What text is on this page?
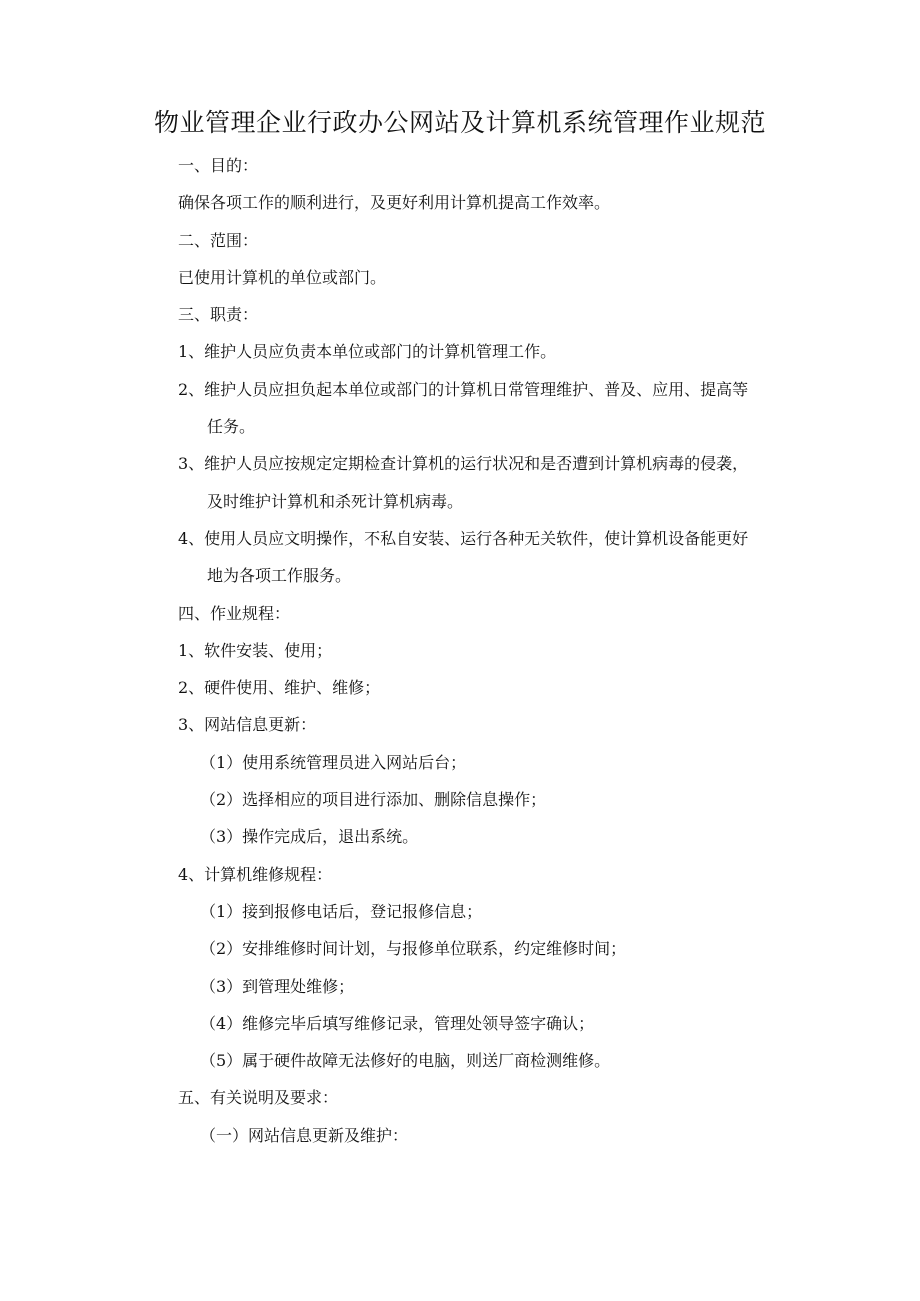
物业管理企业行政办公网站及计算机系统管理作业规范
一、目的：
确保各项工作的顺利进行，及更好利用计算机提高工作效率。
二、范围：
已使用计算机的单位或部门。
三、职责：
1、维护人员应负责本单位或部门的计算机管理工作。
2、维护人员应担负起本单位或部门的计算机日常管理维护、普及、应用、提高等
任务。
3、维护人员应按规定定期检查计算机的运行状况和是否遭到计算机病毒的侵袭，
及时维护计算机和杀死计算机病毒。
4、使用人员应文明操作，不私自安装、运行各种无关软件，使计算机设备能更好
地为各项工作服务。
四、作业规程：
1、软件安装、使用；
2、硬件使用、维护、维修；
3、网站信息更新：
（1）使用系统管理员进入网站后台；
（2）选择相应的项目进行添加、删除信息操作；
（3）操作完成后，退出系统。
4、计算机维修规程：
（1）接到报修电话后，登记报修信息；
（2）安排维修时间计划，与报修单位联系，约定维修时间；
（3）到管理处维修；
（4）维修完毕后填写维修记录，管理处领导签字确认；
（5）属于硬件故障无法修好的电脑，则送厂商检测维修。
五、有关说明及要求：
（一）网站信息更新及维护：
